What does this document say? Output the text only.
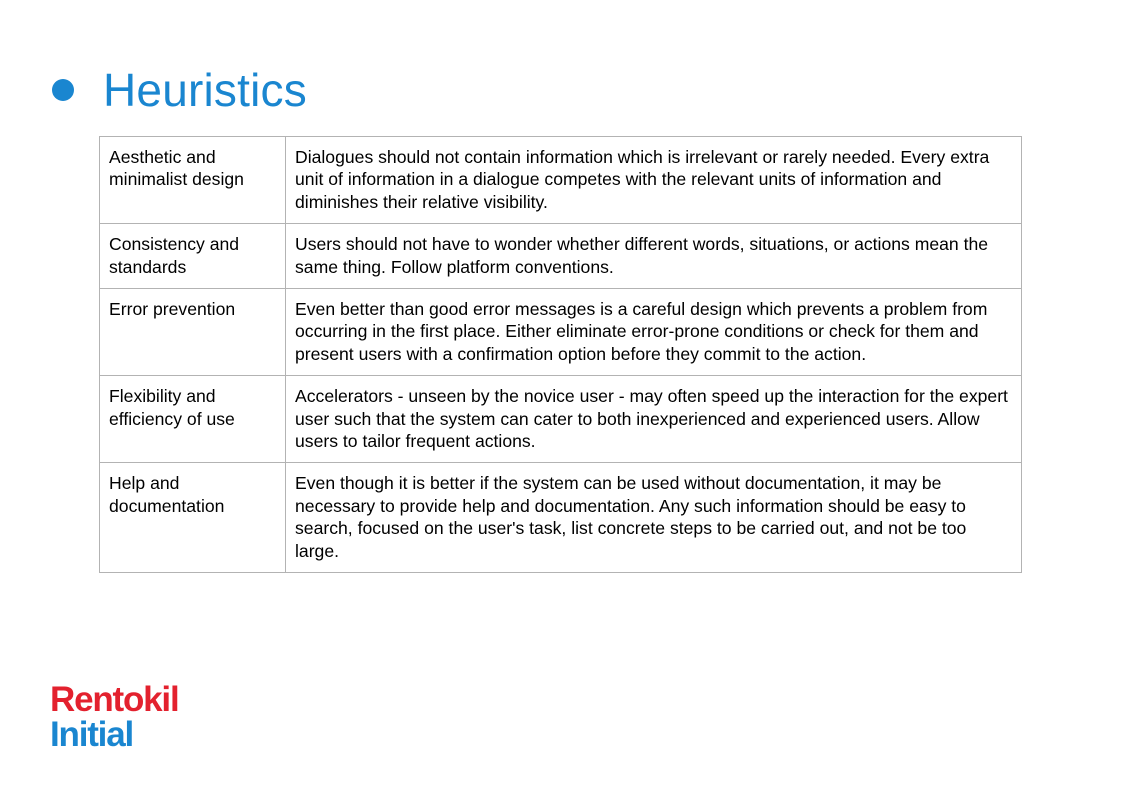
Heuristics
Aesthetic and minimalist design	Dialogues should not contain information which is irrelevant or rarely needed. Every extra unit of information in a dialogue competes with the relevant units of information and diminishes their relative visibility.
Consistency and standards	Users should not have to wonder whether different words, situations, or actions mean the same thing. Follow platform conventions.
Error prevention	Even better than good error messages is a careful design which prevents a problem from occurring in the first place. Either eliminate error-prone conditions or check for them and present users with a confirmation option before they commit to the action.
Flexibility and efficiency of use	Accelerators - unseen by the novice user - may often speed up the interaction for the expert user such that the system can cater to both inexperienced and experienced users. Allow users to tailor frequent actions.
Help and documentation	Even though it is better if the system can be used without documentation, it may be necessary to provide help and documentation. Any such information should be easy to search, focused on the user's task, list concrete steps to be carried out, and not be too large.
Rentokil
Initial
